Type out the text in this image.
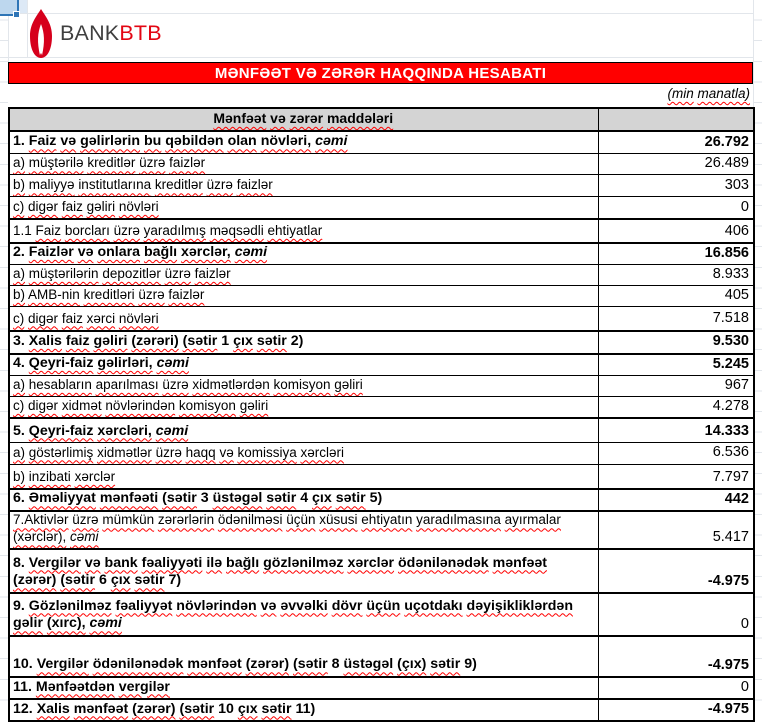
BANKBTB
MƏNFƏƏT VƏ ZƏRƏR HAQQINDA HESABATI
(min manatla)
Mənfəət və zərər maddələri	
1. Faiz və gəlirlərin bu qəbildən olan növləri, cəmi	26.792
a) müştərilə kreditlər üzrə faizlər	26.489
b) maliyyə institutlarına kreditlər üzrə faizlər	303
c) digər faiz gəliri növləri	0
1.1 Faiz borcları üzrə yaradılmış məqsədli ehtiyatlar	406
2. Faizlər və onlara bağlı xərclər, cəmi	16.856
a) müştərilərin depozitlər üzrə faizlər	8.933
b) AMB-nin kreditləri üzrə faizlər	405
c) digər faiz xərci növləri	7.518
3. Xalis faiz gəliri (zərəri) (sətir 1 çıx sətir 2)	9.530
4. Qeyri-faiz gəlirləri, cəmi	5.245
a) hesabların aparılması üzrə xidmətlərdən komisyon gəliri	967
c) digər xidmət növlərindən komisyon gəliri	4.278
5. Qeyri-faiz xərcləri, cəmi	14.333
a) göstərlimiş xidmətlər üzrə haqq və komissiya xərcləri	6.536
b) inzibati xərclər	7.797
6. Əməliyyat mənfəəti (sətir 3 üstəgəl sətir 4 çıx sətir 5)	442
7.Aktivlər üzrə mümkün zərərlərin ödənilməsi üçün xüsusi ehtiyatın yaradılmasına ayırmalar (xərclər), cəmi	5.417
8. Vergilər və bank fəaliyyəti ilə bağlı gözlənilməz xərclər ödənilənədək mənfəət (zərər) (sətir 6 çıx sətir 7)	-4.975
9. Gözlənilməz fəaliyyət növlərindən və əvvəlki dövr üçün uçotdakı dəyişikliklərdən gəlir (xırc), cəmi	0
10. Vergilər ödənilənədək mənfəət (zərər) (sətir 8 üstəgəl (çıx) sətir 9)	-4.975
11. Mənfəətdən vergilər	0
12. Xalis mənfəət (zərər) (sətir 10 çıx sətir 11)	-4.975
